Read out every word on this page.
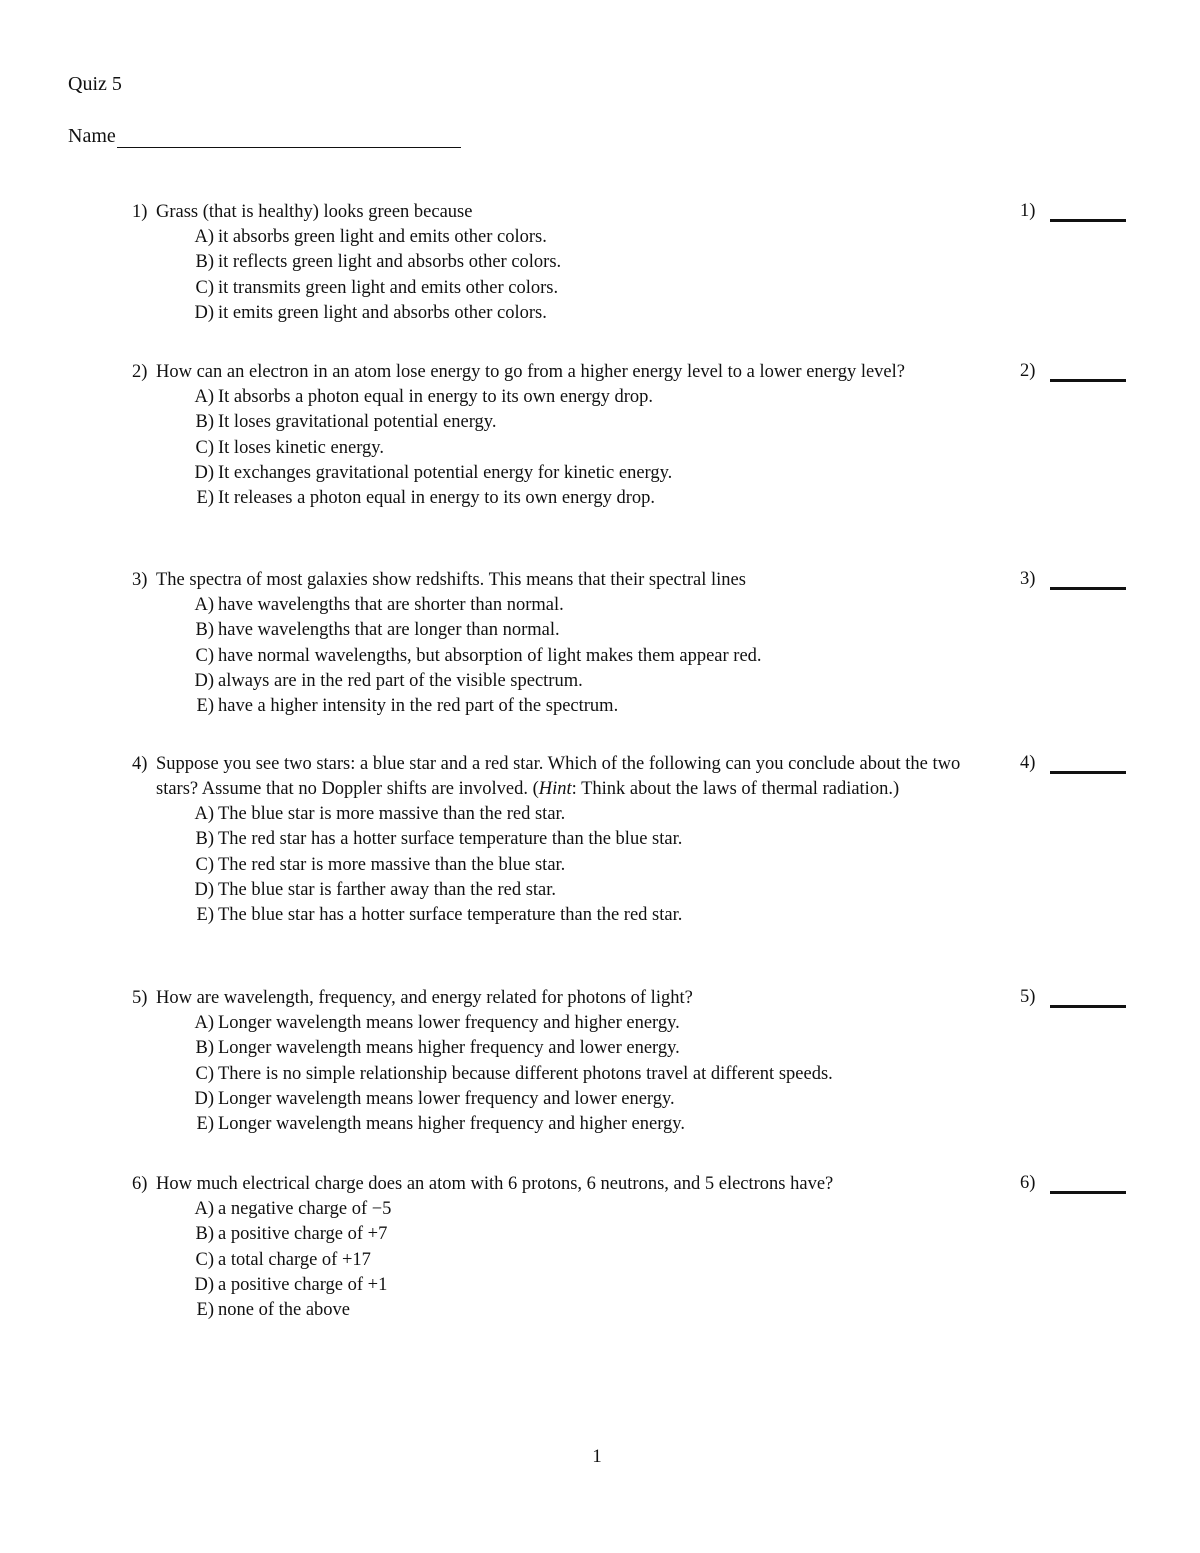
Quiz 5
Name
1) Grass (that is healthy) looks green because
A) it absorbs green light and emits other colors.
B) it reflects green light and absorbs other colors.
C) it transmits green light and emits other colors.
D) it emits green light and absorbs other colors.
1)
2) How can an electron in an atom lose energy to go from a higher energy level to a lower energy level?
A) It absorbs a photon equal in energy to its own energy drop.
B) It loses gravitational potential energy.
C) It loses kinetic energy.
D) It exchanges gravitational potential energy for kinetic energy.
E) It releases a photon equal in energy to its own energy drop.
2)
3) The spectra of most galaxies show redshifts. This means that their spectral lines
A) have wavelengths that are shorter than normal.
B) have wavelengths that are longer than normal.
C) have normal wavelengths, but absorption of light makes them appear red.
D) always are in the red part of the visible spectrum.
E) have a higher intensity in the red part of the spectrum.
3)
4) Suppose you see two stars: a blue star and a red star. Which of the following can you conclude about the two stars? Assume that no Doppler shifts are involved. (Hint: Think about the laws of thermal radiation.)
A) The blue star is more massive than the red star.
B) The red star has a hotter surface temperature than the blue star.
C) The red star is more massive than the blue star.
D) The blue star is farther away than the red star.
E) The blue star has a hotter surface temperature than the red star.
4)
5) How are wavelength, frequency, and energy related for photons of light?
A) Longer wavelength means lower frequency and higher energy.
B) Longer wavelength means higher frequency and lower energy.
C) There is no simple relationship because different photons travel at different speeds.
D) Longer wavelength means lower frequency and lower energy.
E) Longer wavelength means higher frequency and higher energy.
5)
6) How much electrical charge does an atom with 6 protons, 6 neutrons, and 5 electrons have?
A) a negative charge of −5
B) a positive charge of +7
C) a total charge of +17
D) a positive charge of +1
E) none of the above
6)
1
